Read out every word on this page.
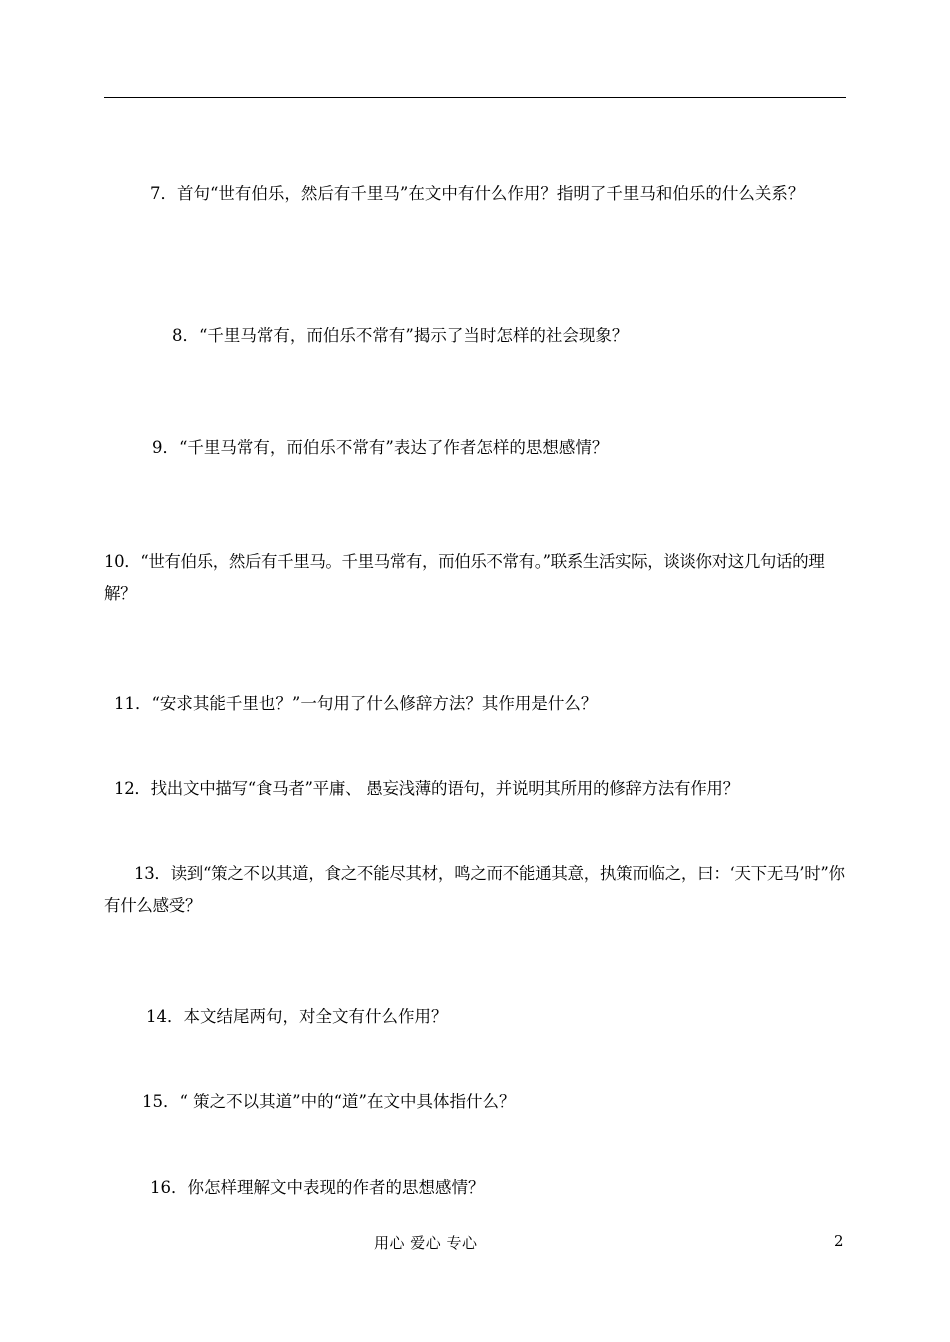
7．首句“世有伯乐，然后有千里马”在文中有什么作用？指明了千里马和伯乐的什么关系？

8．“千里马常有，而伯乐不常有”揭示了当时怎样的社会现象？

9．“千里马常有，而伯乐不常有”表达了作者怎样的思想感情？

10．“世有伯乐，然后有千里马。千里马常有，而伯乐不常有。”联系生活实际，谈谈你对这几句话的理解？

11．“安求其能千里也？”一句用了什么修辞方法？其作用是什么？

12．找出文中描写“食马者”平庸、 愚妄浅薄的语句，并说明其所用的修辞方法有作用？

13．读到“策之不以其道，食之不能尽其材，鸣之而不能通其意，执策而临之，曰：‘天下无马’时”你有什么感受？

14．本文结尾两句，对全文有什么作用？

15．“ 策之不以其道”中的“道”在文中具体指什么？

16．你怎样理解文中表现的作者的思想感情？

用心 爱心 专心	2
